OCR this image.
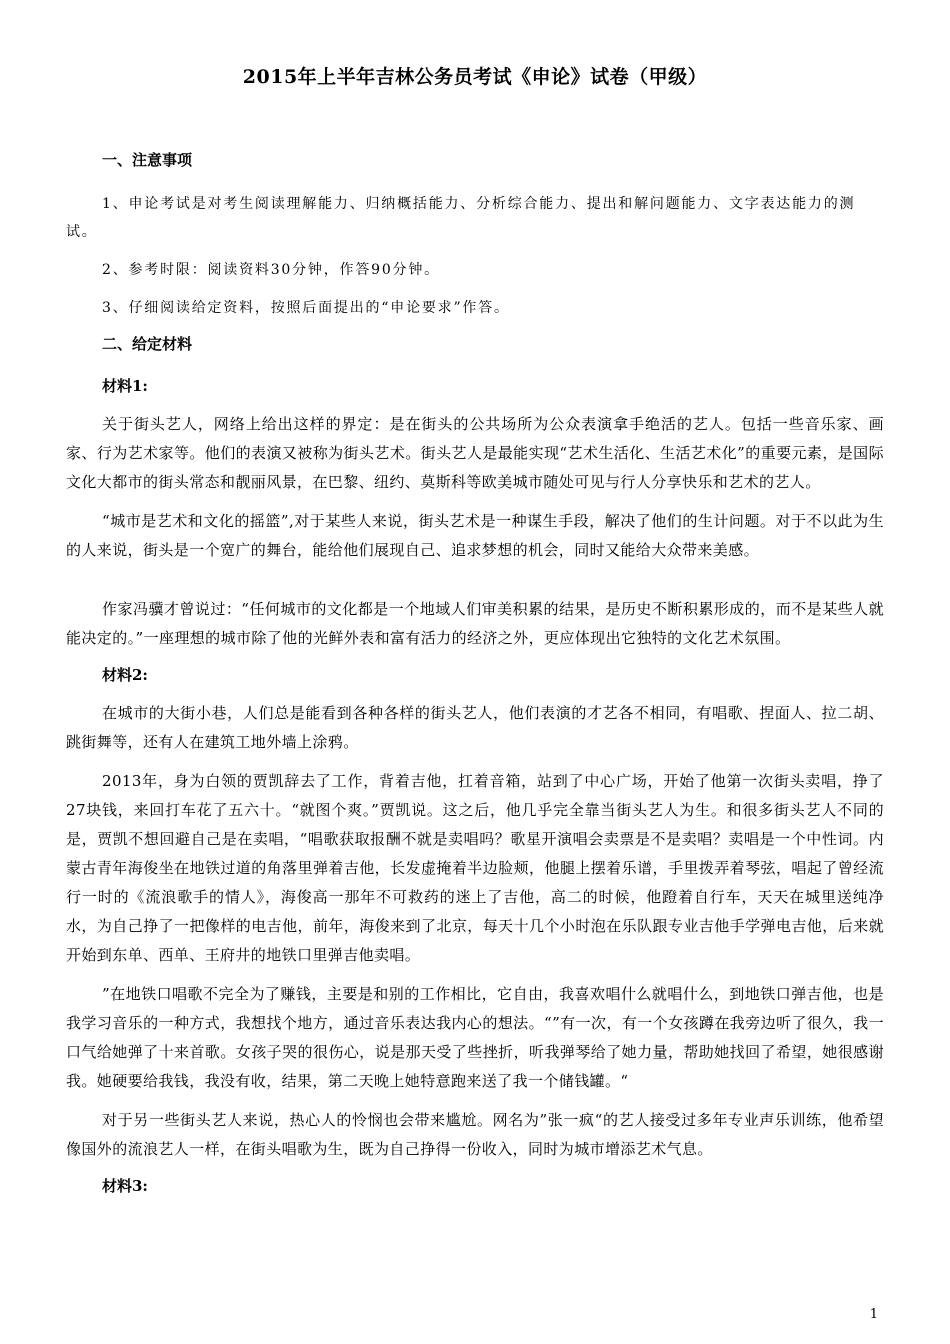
2015年上半年吉林公务员考试《申论》试卷（甲级）
一、注意事项

1、申论考试是对考生阅读理解能力、归纳概括能力、分析综合能力、提出和解问题能力、文字表达能力的测试。

2、参考时限：阅读资料30分钟，作答90分钟。

3、仔细阅读给定资料，按照后面提出的“申论要求”作答。

二、给定材料
材料1:

关于街头艺人，网络上给出这样的界定：是在街头的公共场所为公众表演拿手绝活的艺人。包括一些音乐家、画家、行为艺术家等。他们的表演又被称为街头艺术。街头艺人是最能实现“艺术生活化、生活艺术化”的重要元素，是国际文化大都市的街头常态和靓丽风景，在巴黎、纽约、莫斯科等欧美城市随处可见与行人分享快乐和艺术的艺人。

“城市是艺术和文化的摇篮”,对于某些人来说，街头艺术是一种谋生手段，解决了他们的生计问题。对于不以此为生的人来说，街头是一个宽广的舞台，能给他们展现自己、追求梦想的机会，同时又能给大众带来美感。

作家冯骥才曾说过：“任何城市的文化都是一个地域人们审美积累的结果，是历史不断积累形成的，而不是某些人就能决定的。”一座理想的城市除了他的光鲜外表和富有活力的经济之外，更应体现出它独特的文化艺术氛围。

材料2:

在城市的大街小巷，人们总是能看到各种各样的街头艺人，他们表演的才艺各不相同，有唱歌、捏面人、拉二胡、跳街舞等，还有人在建筑工地外墙上涂鸦。

2013年，身为白领的贾凯辞去了工作，背着吉他，扛着音箱，站到了中心广场，开始了他第一次街头卖唱，挣了27块钱，来回打车花了五六十。“就图个爽。”贾凯说。这之后，他几乎完全靠当街头艺人为生。和很多街头艺人不同的是，贾凯不想回避自己是在卖唱，“唱歌获取报酬不就是卖唱吗？歌星开演唱会卖票是不是卖唱？卖唱是一个中性词。内蒙古青年海俊坐在地铁过道的角落里弹着吉他，长发虚掩着半边脸颊，他腿上摆着乐谱，手里拨弄着琴弦，唱起了曾经流行一时的《流浪歌手的情人》，海俊高一那年不可救药的迷上了吉他，高二的时候，他蹬着自行车，天天在城里送纯净水，为自己挣了一把像样的电吉他，前年，海俊来到了北京，每天十几个小时泡在乐队跟专业吉他手学弹电吉他，后来就开始到东单、西单、王府井的地铁口里弹吉他卖唱。

”在地铁口唱歌不完全为了赚钱，主要是和别的工作相比，它自由，我喜欢唱什么就唱什么，到地铁口弹吉他，也是我学习音乐的一种方式，我想找个地方，通过音乐表达我内心的想法。“”有一次，有一个女孩蹲在我旁边听了很久，我一口气给她弹了十来首歌。女孩子哭的很伤心，说是那天受了些挫折，听我弹琴给了她力量，帮助她找回了希望，她很感谢我。她硬要给我钱，我没有收，结果，第二天晚上她特意跑来送了我一个储钱罐。“

对于另一些街头艺人来说，热心人的怜悯也会带来尴尬。网名为”张一疯“的艺人接受过多年专业声乐训练，他希望像国外的流浪艺人一样，在街头唱歌为生，既为自己挣得一份收入，同时为城市增添艺术气息。

材料3:
1
